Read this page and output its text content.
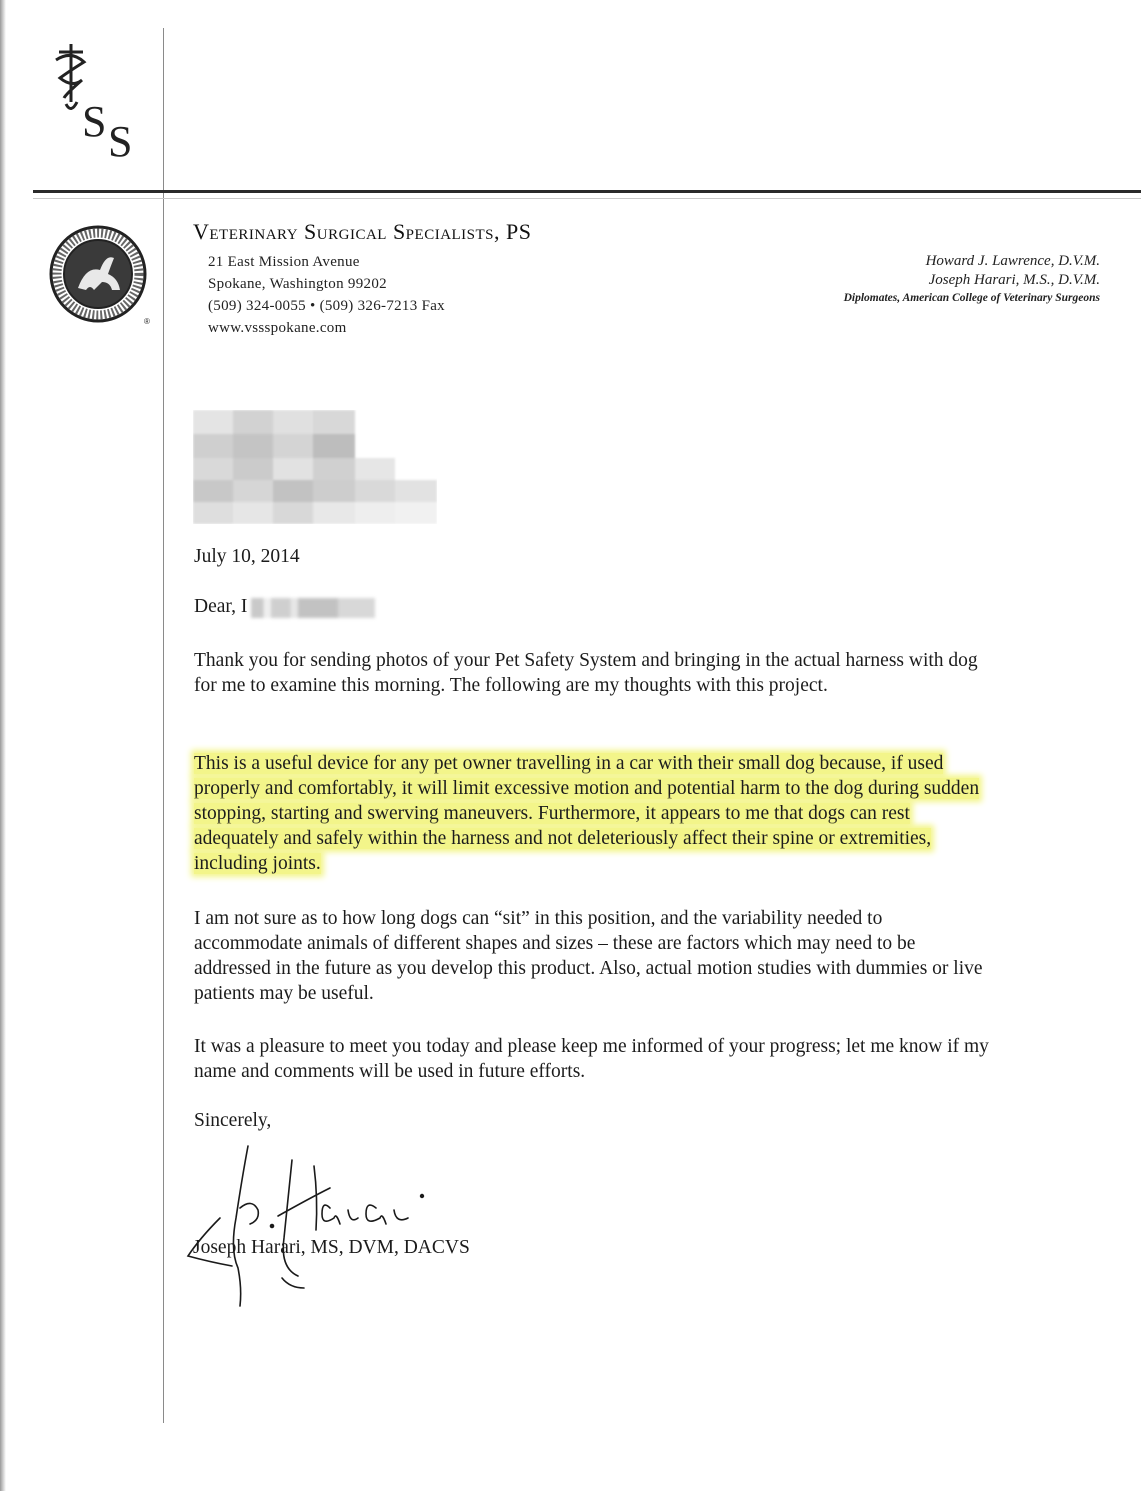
S S
®
Veterinary Surgical Specialists, PS
21 East Mission Avenue
Spokane, Washington 99202
(509) 324-0055 • (509) 326-7213 Fax
www.vssspokane.com
Howard J. Lawrence, D.V.M.
Joseph Harari, M.S., D.V.M.
Diplomates, American College of Veterinary Surgeons
July 10, 2014
Dear, I
Thank you for sending photos of your Pet Safety System and bringing in the actual harness with dog for me to examine this morning. The following are my thoughts with this project.
This is a useful device for any pet owner travelling in a car with their small dog because, if used properly and comfortably, it will limit excessive motion and potential harm to the dog during sudden stopping, starting and swerving maneuvers. Furthermore, it appears to me that dogs can rest adequately and safely within the harness and not deleteriously affect their spine or extremities, including joints.
I am not sure as to how long dogs can “sit” in this position, and the variability needed to accommodate animals of different shapes and sizes – these are factors which may need to be addressed in the future as you develop this product. Also, actual motion studies with dummies or live patients may be useful.
It was a pleasure to meet you today and please keep me informed of your progress; let me know if my name and comments will be used in future efforts.
Sincerely,
Joseph Harari, MS, DVM, DACVS
